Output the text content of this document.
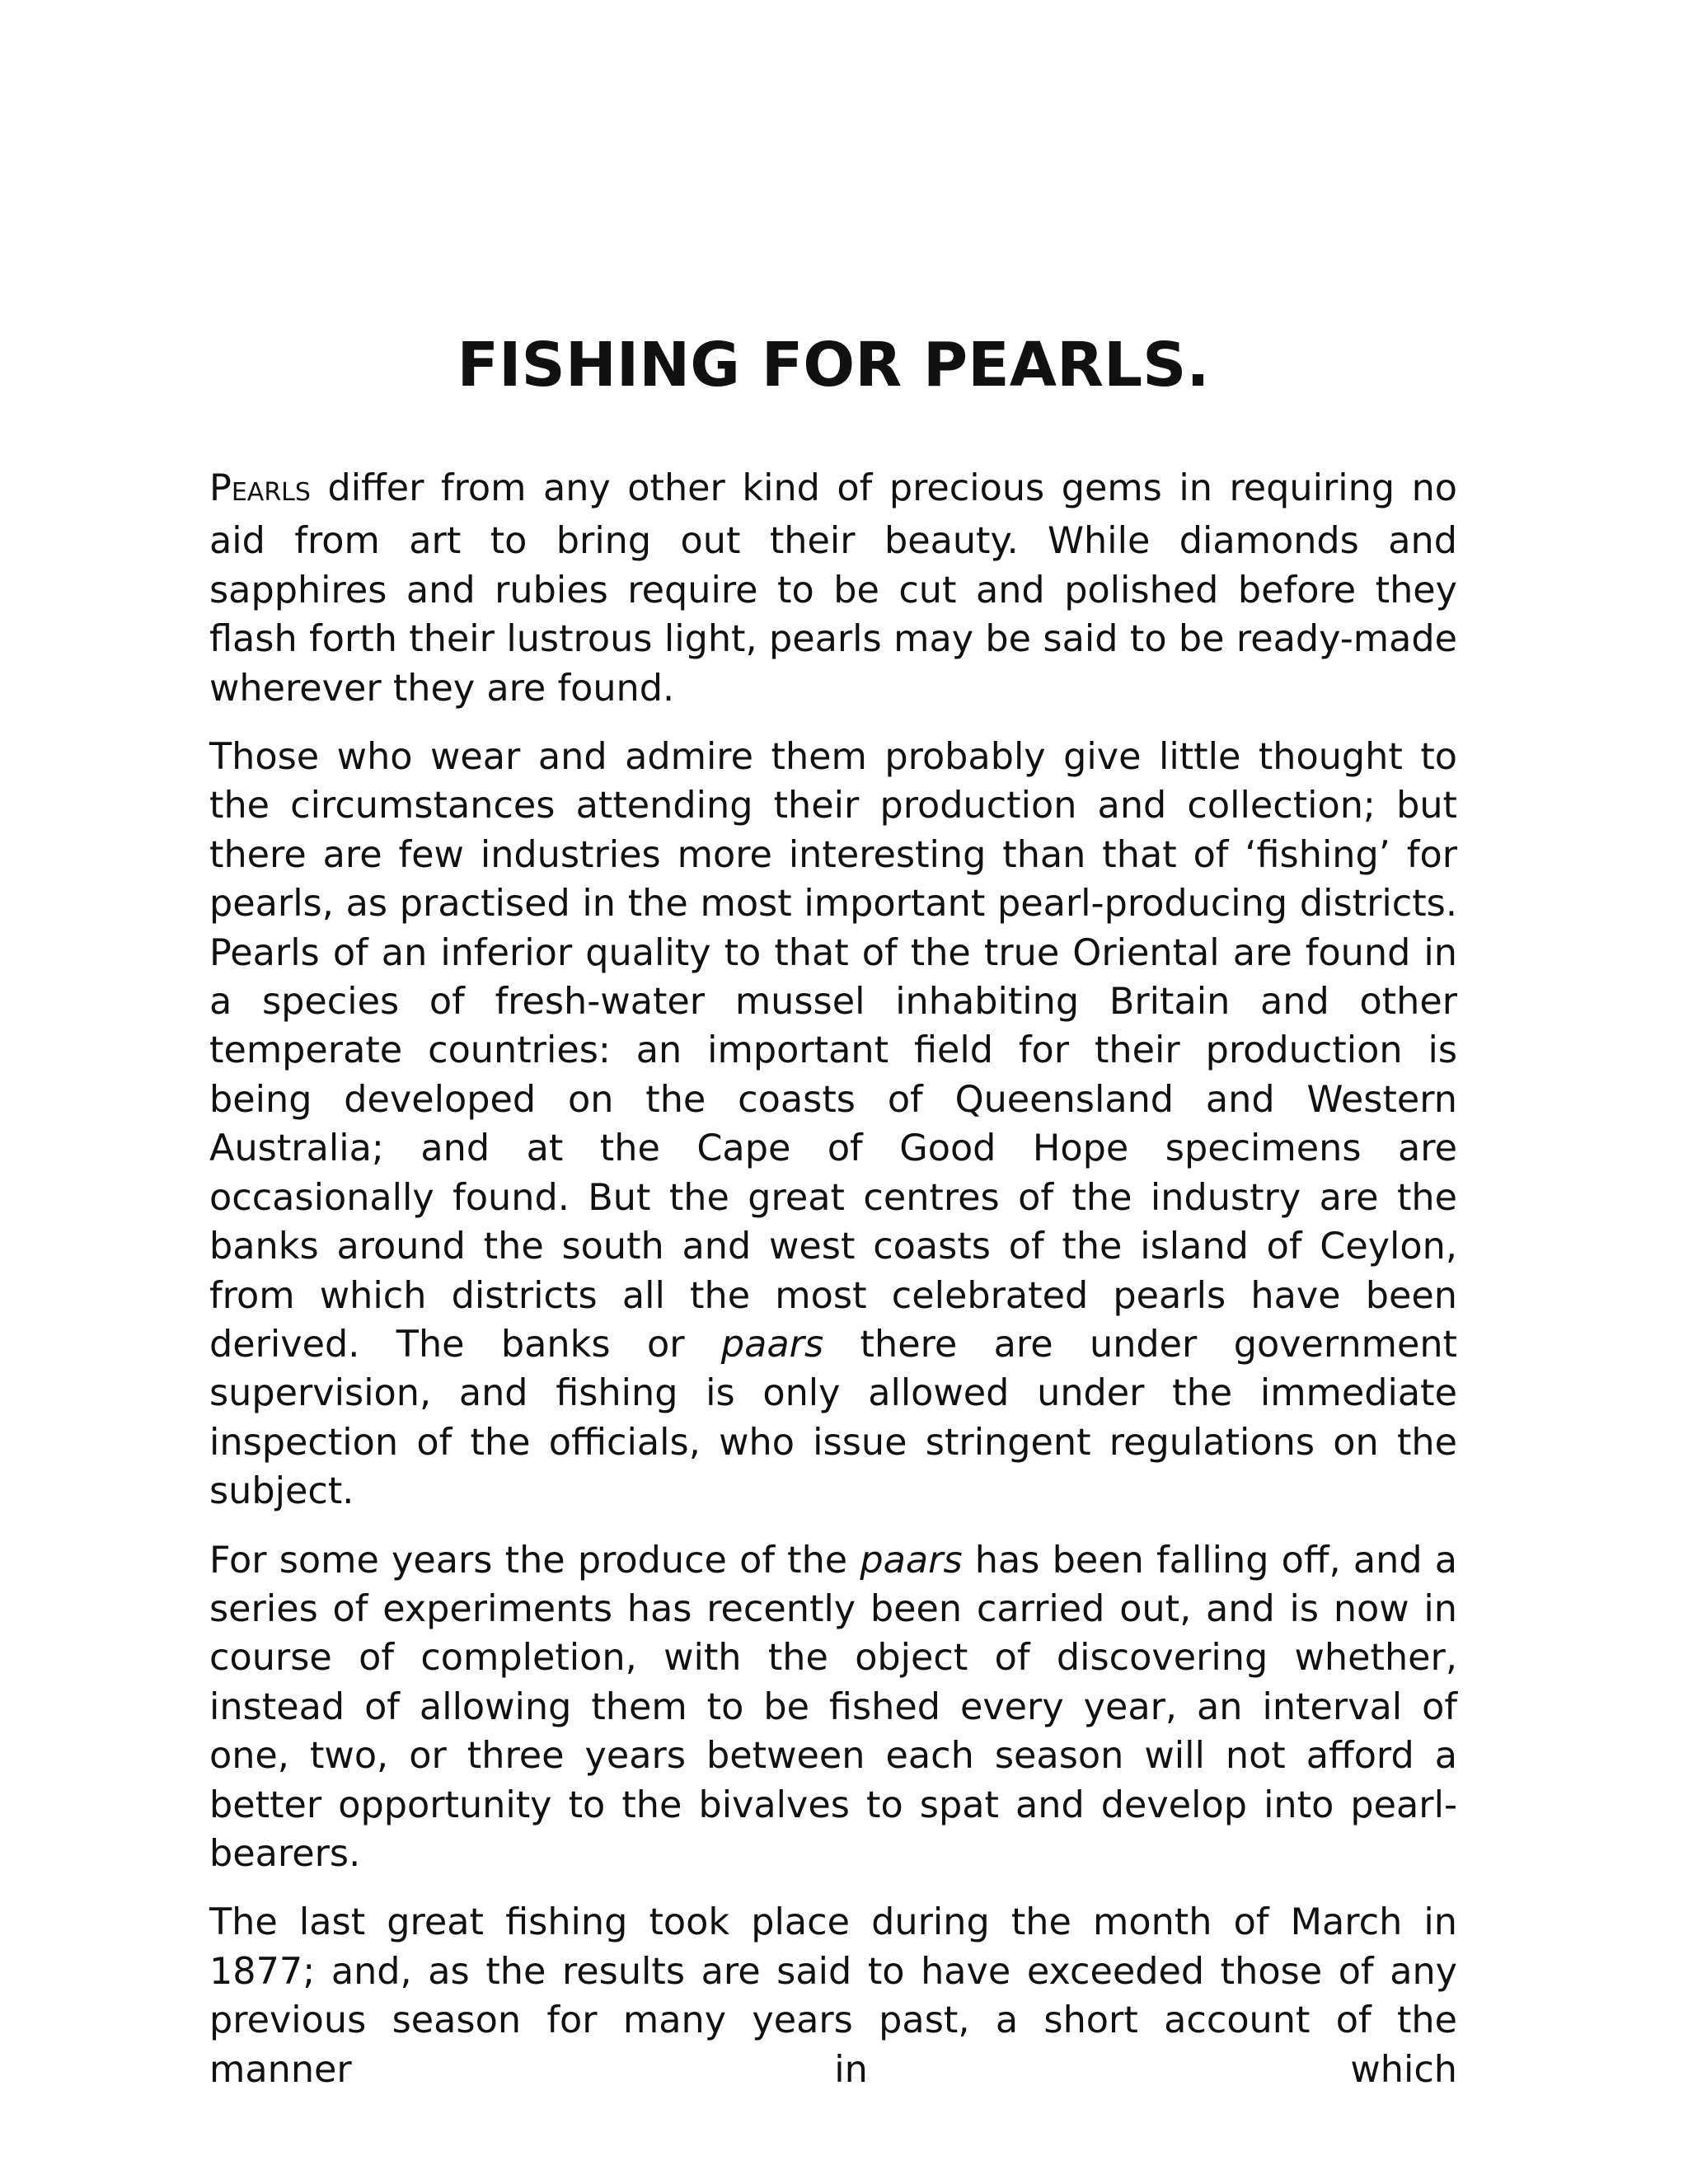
FISHING FOR PEARLS.

PEARLS differ from any other kind of precious gems in requiring no aid from art to bring out their beauty. While diamonds and sapphires and rubies require to be cut and polished before they flash forth their lustrous light, pearls may be said to be ready-made wherever they are found.

Those who wear and admire them probably give little thought to the circumstances attending their production and collection; but there are few industries more interesting than that of ‘fishing’ for pearls, as practised in the most important pearl-producing districts. Pearls of an inferior quality to that of the true Oriental are found in a species of fresh-water mussel inhabiting Britain and other temperate countries: an important field for their production is being developed on the coasts of Queensland and Western Australia; and at the Cape of Good Hope specimens are occasionally found. But the great centres of the industry are the banks around the south and west coasts of the island of Ceylon, from which districts all the most celebrated pearls have been derived. The banks or paars there are under government supervision, and fishing is only allowed under the immediate inspection of the officials, who issue stringent regulations on the subject.

For some years the produce of the paars has been falling off, and a series of experiments has recently been carried out, and is now in course of completion, with the object of discovering whether, instead of allowing them to be fished every year, an interval of one, two, or three years between each season will not afford a better opportunity to the bivalves to spat and develop into pearl-bearers.

The last great fishing took place during the month of March in 1877; and, as the results are said to have exceeded those of any previous season for many years past, a short account of the manner in which
